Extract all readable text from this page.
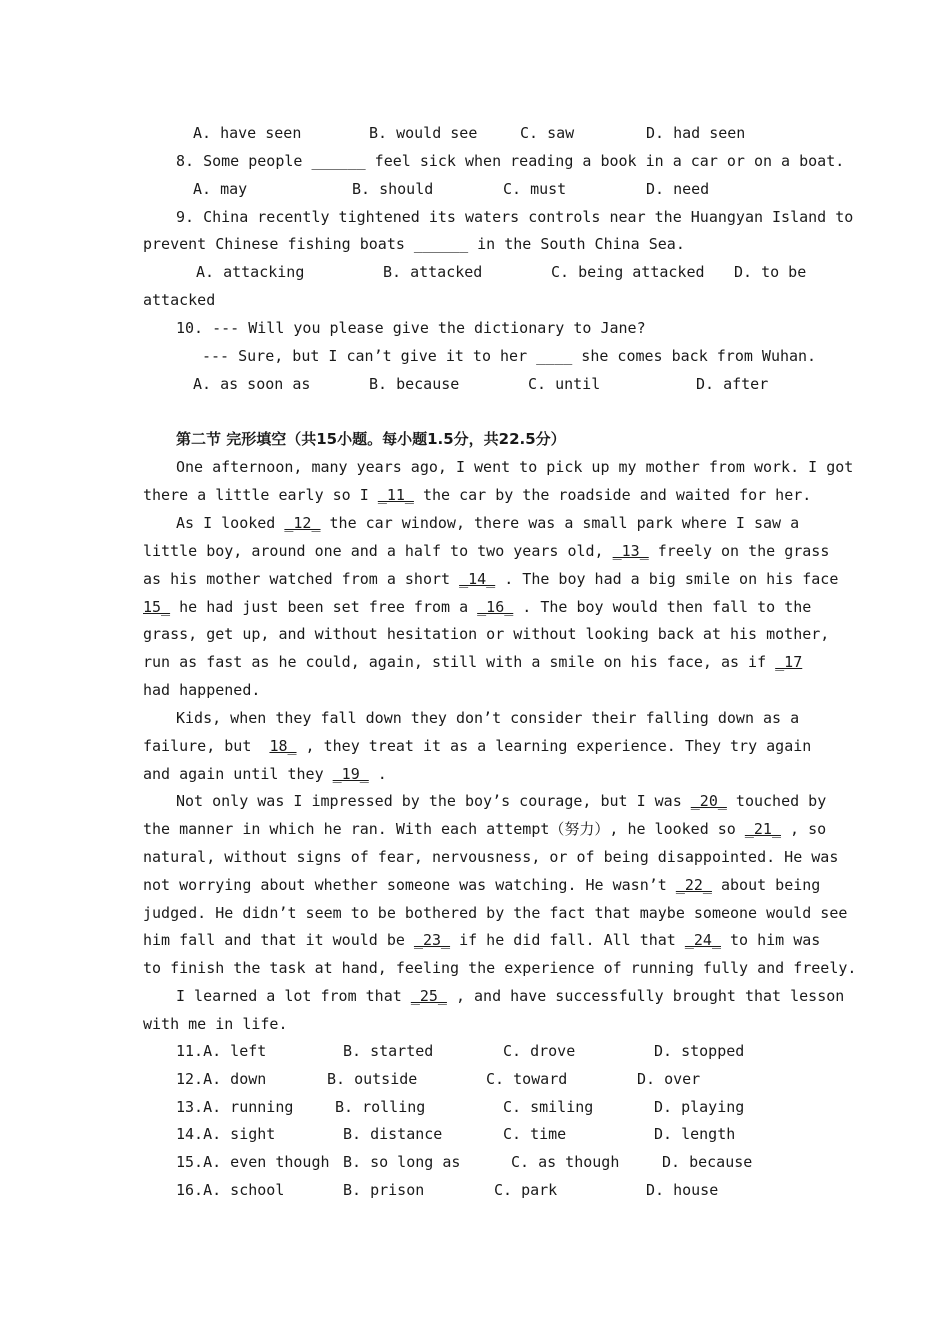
A. have seen	B. would see	C. saw	D. had seen
8. Some people ______ feel sick when reading a book in a car or on a boat.
A. may	B. should	C. must	D. need
9. China recently tightened its waters controls near the Huangyan Island to
prevent Chinese fishing boats ______ in the South China Sea.
A. attacking	B. attacked	C. being attacked D. to be
attacked
10. --- Will you please give the dictionary to Jane?
--- Sure, but I can’t give it to her ____ she comes back from Wuhan.
A. as soon as	B. because	C. until	D. after
第二节 完形填空（共15小题。每小题1.5分，共22.5分）
One afternoon, many years ago, I went to pick up my mother from work. I got
there a little early so I _11_ the car by the roadside and waited for her.
As I looked _12_ the car window, there was a small park where I saw a
little boy, around one and a half to two years old, _13_ freely on the grass
as his mother watched from a short _14_ . The boy had a big smile on his face
15_ he had just been set free from a _16_ . The boy would then fall to the
grass, get up, and without hesitation or without looking back at his mother,
run as fast as he could, again, still with a smile on his face, as if _17
had happened.
Kids, when they fall down they don’t consider their falling down as a
failure, but  18_ , they treat it as a learning experience. They try again
and again until they _19_ .
Not only was I impressed by the boy’s courage, but I was _20_ touched by
the manner in which he ran. With each attempt（努力）, he looked so _21_ , so
natural, without signs of fear, nervousness, or of being disappointed. He was
not worrying about whether someone was watching. He wasn’t _22_ about being
judged. He didn’t seem to be bothered by the fact that maybe someone would see
him fall and that it would be _23_ if he did fall. All that _24_ to him was
to finish the task at hand, feeling the experience of running fully and freely.
I learned a lot from that _25_ , and have successfully brought that lesson
with me in life.
11.A. left	B. started	C. drove	D. stopped
12.A. down	B. outside	C. toward	D. over
13.A. running	B. rolling	C. smiling	D. playing
14.A. sight	B. distance	C. time	D. length
15.A. even though B. so long as	C. as though	D. because
16.A. school	B. prison	C. park	D. house
